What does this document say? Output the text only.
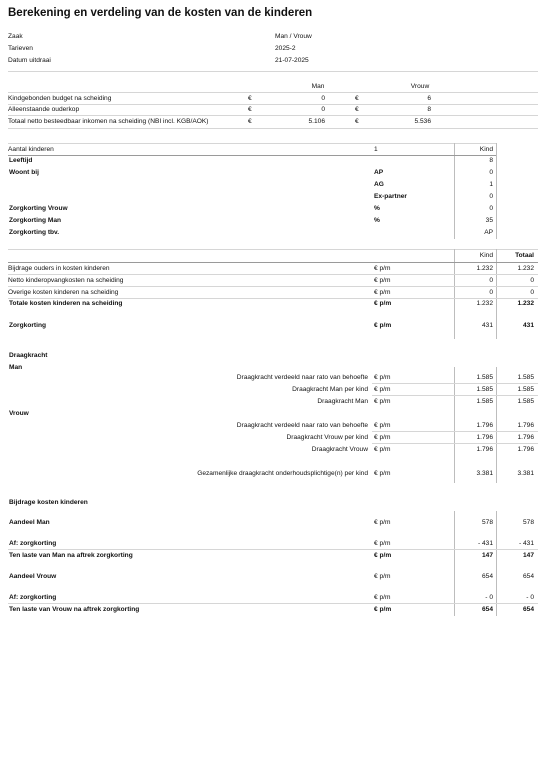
Berekening en verdeling van de kosten van de kinderen
Zaak	Man / Vrouw
Tarieven	2025-2
Datum uitdraai	21-07-2025
Man	Vrouw
Kindgebonden budget na scheiding	€	0	€	6
Alleenstaande ouderkop	€	0	€	8
Totaal netto besteedbaar inkomen na scheiding (NBI incl. KGB/AOK)	€	5.106	€	5.536
Aantal kinderen	1	Kind
Leeftijd	8
Woont bij	AP	0
AG	1
Ex-partner	0
Zorgkorting Vrouw	%	0
Zorgkorting Man	%	35
Zorgkorting tbv.	AP
Kind	Totaal
Bijdrage ouders in kosten kinderen	€ p/m	1.232	1.232
Netto kinderopvangkosten na scheiding	€ p/m	0	0
Overige kosten kinderen na scheiding	€ p/m	0	0
Totale kosten kinderen na scheiding	€ p/m	1.232	1.232
Zorgkorting	€ p/m	431	431
Draagkracht
Man
Draagkracht verdeeld naar rato van behoefte € p/m	1.585	1.585
Draagkracht Man per kind € p/m	1.585	1.585
Draagkracht Man € p/m	1.585	1.585
Vrouw
Draagkracht verdeeld naar rato van behoefte € p/m	1.796	1.796
Draagkracht Vrouw per kind € p/m	1.796	1.796
Draagkracht Vrouw € p/m	1.796	1.796
Gezamenlijke draagkracht onderhoudsplichtige(n) per kind € p/m	3.381	3.381
Bijdrage kosten kinderen
Aandeel Man	€ p/m	578	578
Af: zorgkorting	€ p/m	- 431	- 431
Ten laste van Man na aftrek zorgkorting	€ p/m	147	147
Aandeel Vrouw	€ p/m	654	654
Af: zorgkorting	€ p/m	- 0	- 0
Ten laste van Vrouw na aftrek zorgkorting	€ p/m	654	654
